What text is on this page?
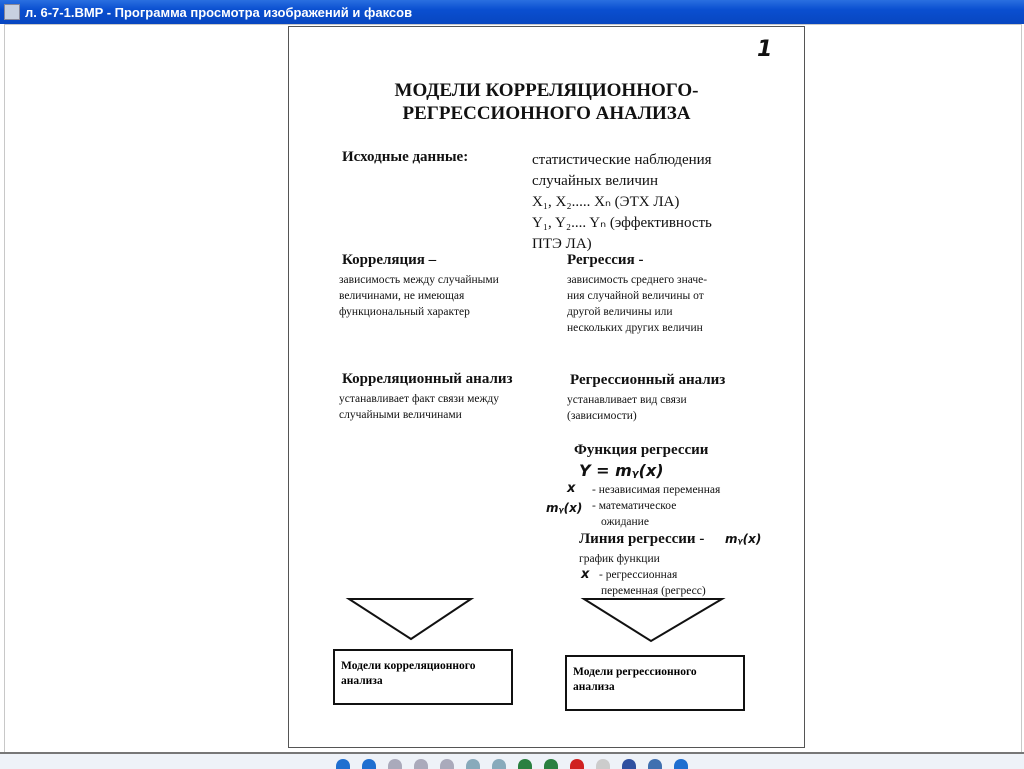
л. 6-7-1.BMP - Программа просмотра изображений и факсов
1
МОДЕЛИ КОРРЕЛЯЦИОННОГО-
РЕГРЕССИОННОГО АНАЛИЗА
Исходные данные:	статистические наблюдения
случайных величин
X₁, X₂..... Xₙ (ЭТХ ЛА)
Y₁, Y₂.... Yₙ (эффективность
ПТЭ ЛА)
Корреляция –
зависимость между случайными
величинами, не имеющая
функциональный характер
Регрессия -
зависимость среднего значе-
ния случайной величины от
другой величины или
нескольких других величин
Корреляционный анализ
устанавливает факт связи между
случайными величинами
Регрессионный анализ
устанавливает вид связи
(зависимости)
Функция регрессии
Y = mᵧ(x)
x - независимая переменная
mᵧ(x) - математическое
ожидание
Линия регрессии - mᵧ(x)
график функции
x - регрессионная
переменная (регресс)
Модели корреляционного анализа
Модели регрессионного анализа
